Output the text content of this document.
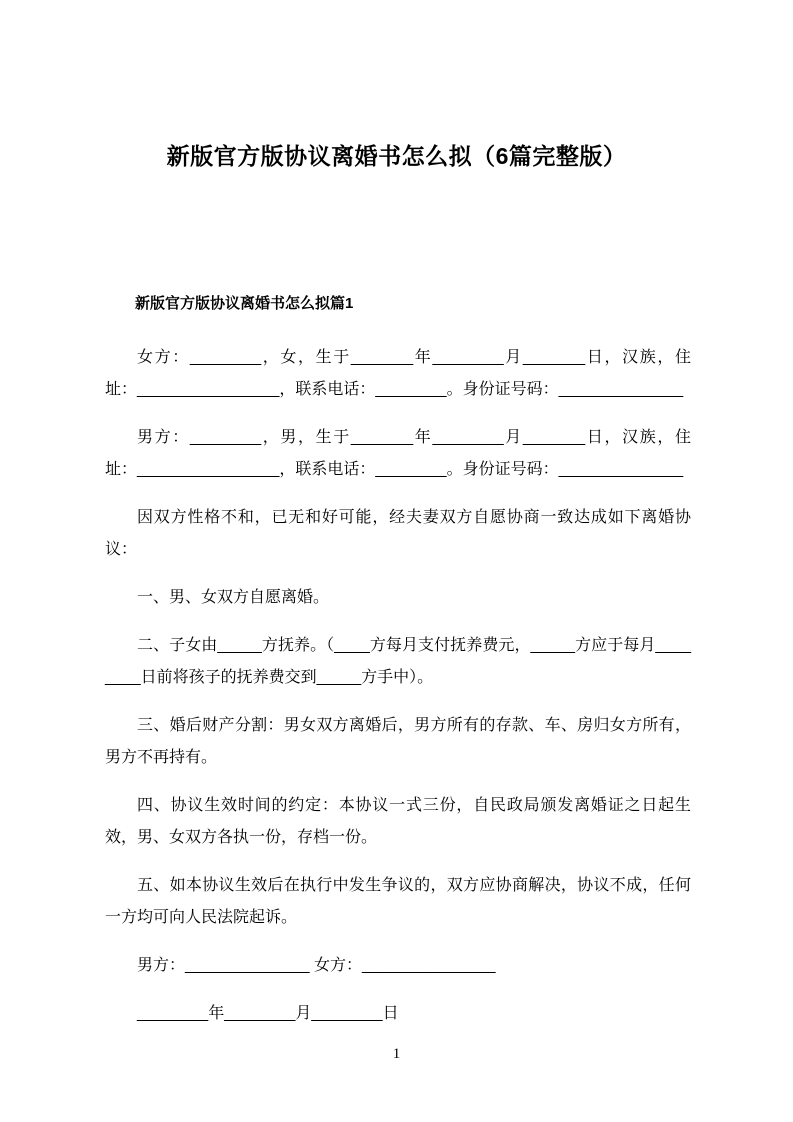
新版官方版协议离婚书怎么拟（6篇完整版）
新版官方版协议离婚书怎么拟篇1

女方：________，女，生于_______年________月_______日，汉族，住址：________________，联系电话：________。身份证号码：______________

男方：________，男，生于_______年________月_______日，汉族，住址：________________，联系电话：________。身份证号码：______________

因双方性格不和，已无和好可能，经夫妻双方自愿协商一致达成如下离婚协议：

一、男、女双方自愿离婚。

二、子女由_____方抚养。（____方每月支付抚养费元，_____方应于每月________日前将孩子的抚养费交到_____方手中）。

三、婚后财产分割：男女双方离婚后，男方所有的存款、车、房归女方所有，男方不再持有。

四、协议生效时间的约定：本协议一式三份，自民政局颁发离婚证之日起生效，男、女双方各执一份，存档一份。

五、如本协议生效后在执行中发生争议的，双方应协商解决，协议不成，任何一方均可向人民法院起诉。

男方：______________ 女方：_______________

________年________月________日

1
